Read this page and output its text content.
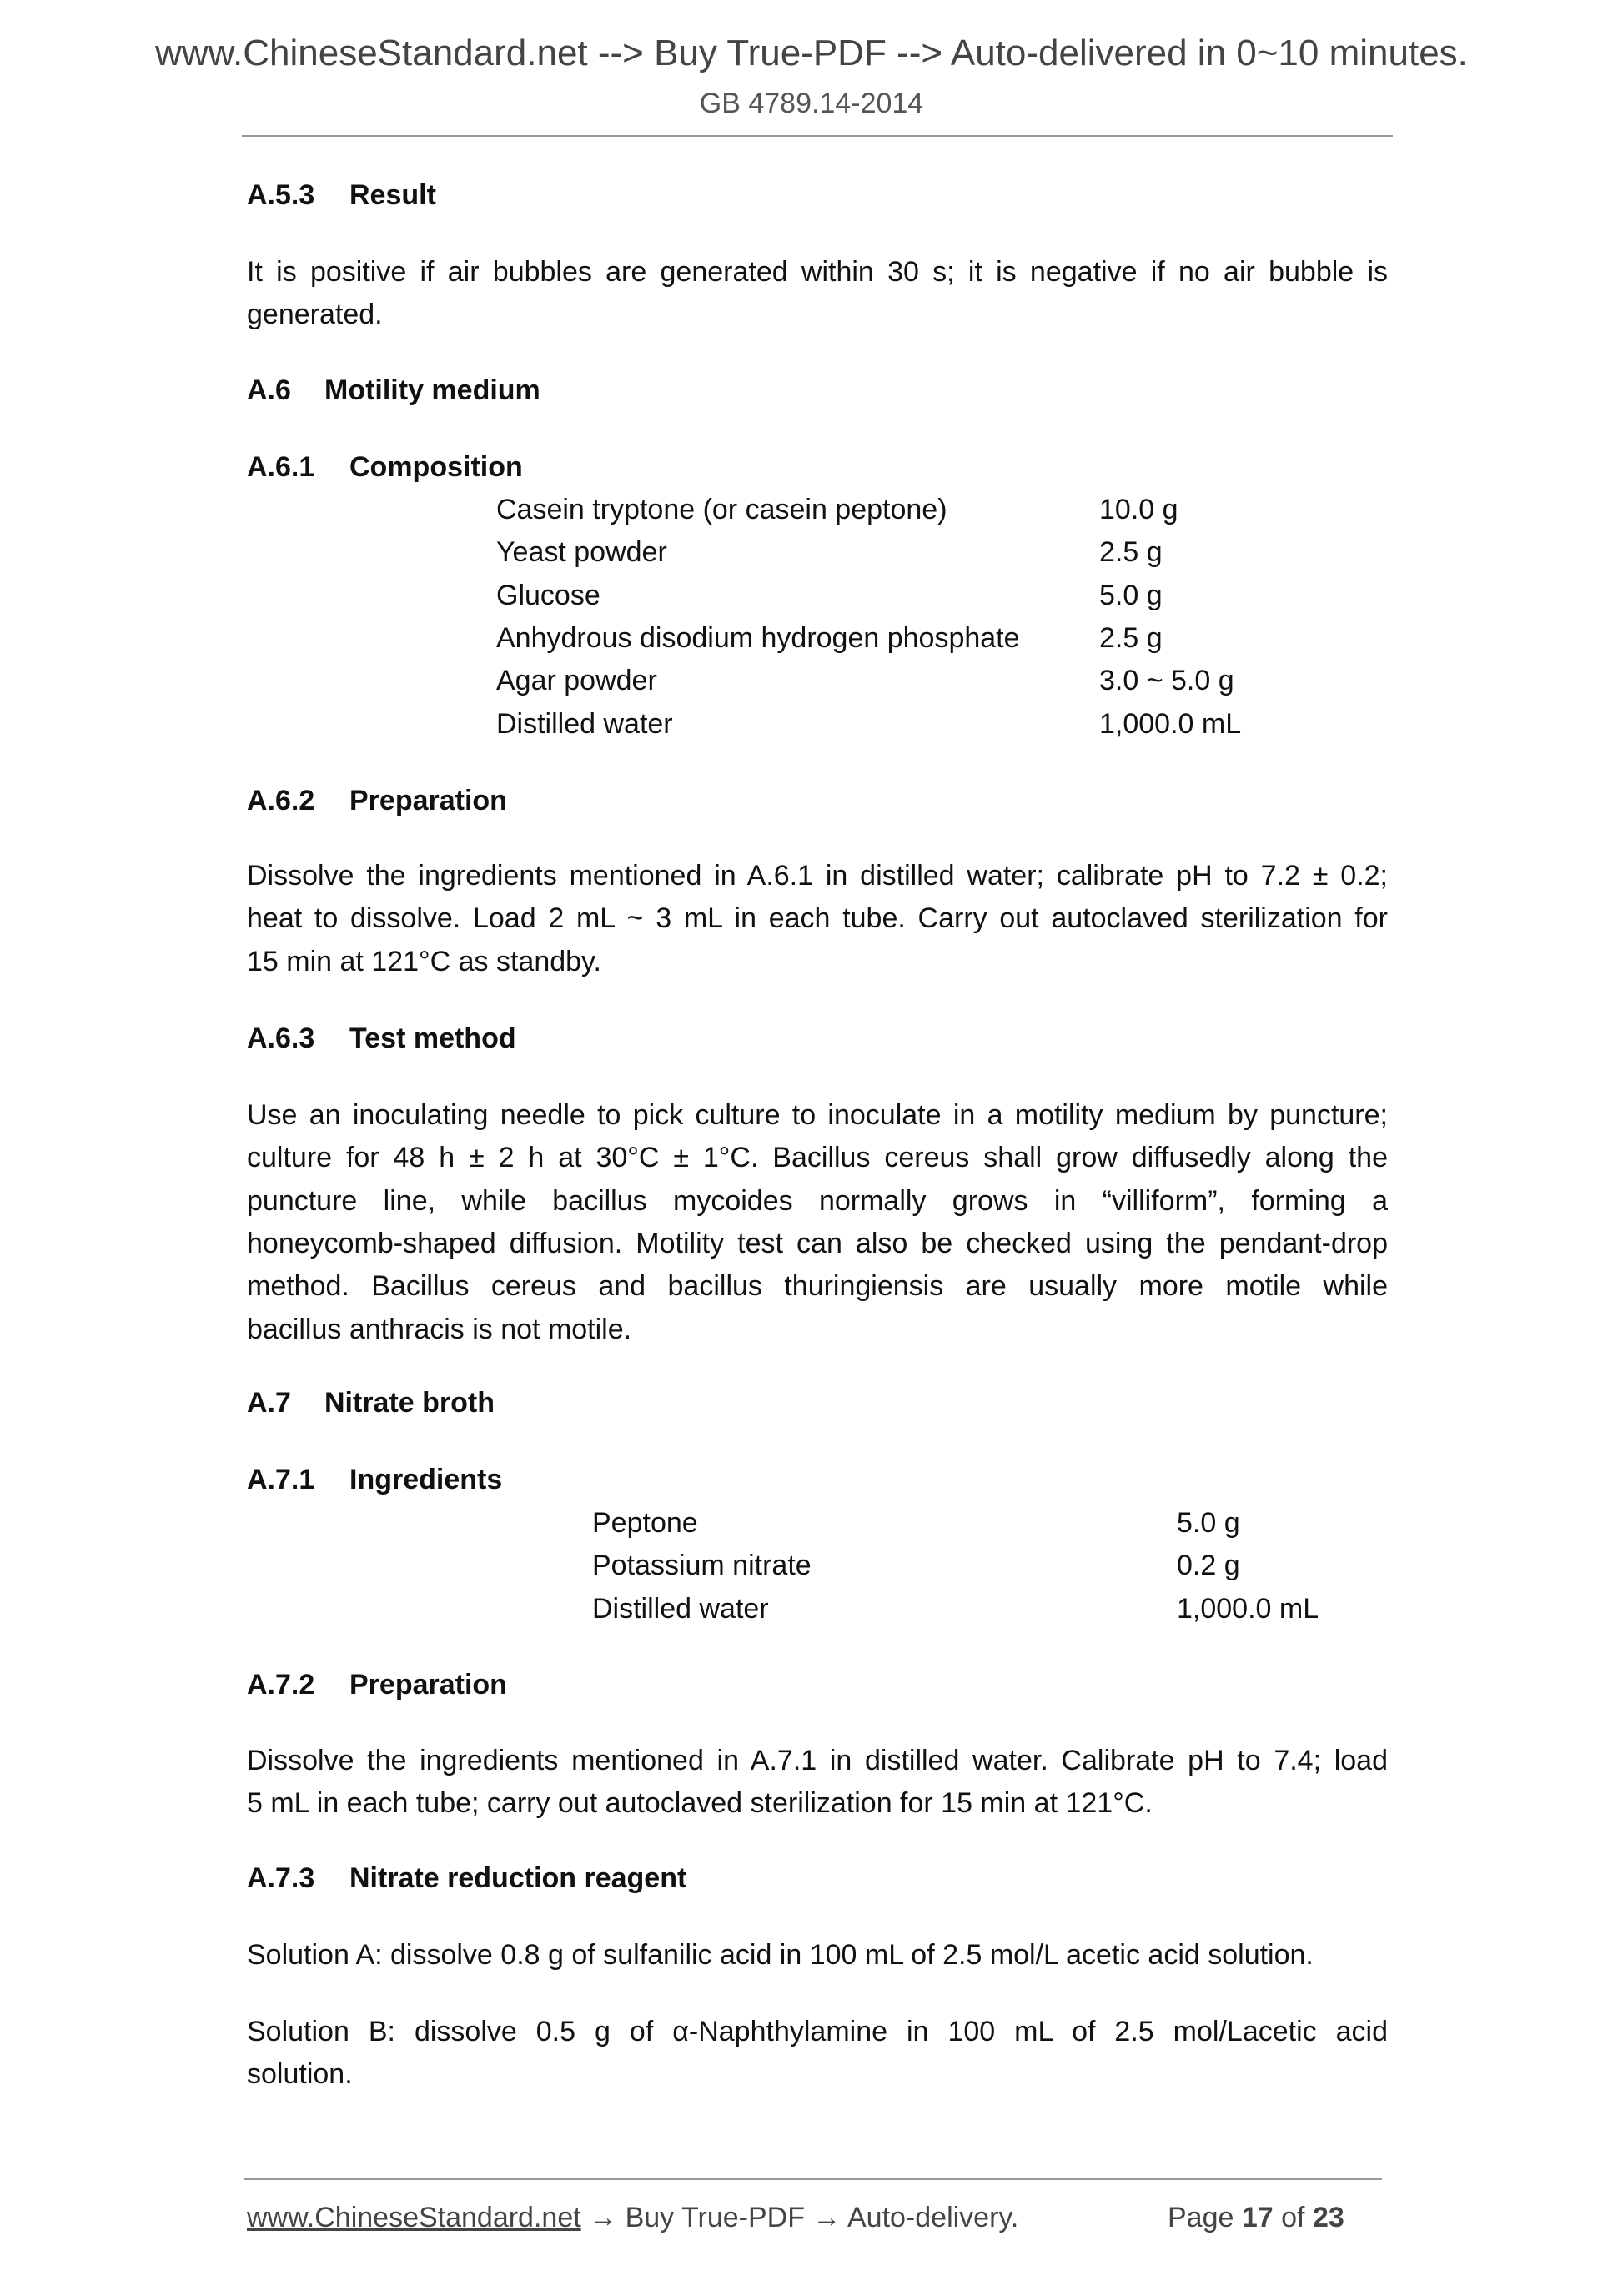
www.ChineseStandard.net --> Buy True-PDF --> Auto-delivered in 0~10 minutes.
GB 4789.14-2014
A.5.3 Result
It is positive if air bubbles are generated within 30 s; it is negative if no air bubble is
generated.
A.6 Motility medium
A.6.1 Composition
Casein tryptone (or casein peptone)	10.0 g
Yeast powder	2.5 g
Glucose	5.0 g
Anhydrous disodium hydrogen phosphate	2.5 g
Agar powder	3.0 ~ 5.0 g
Distilled water	1,000.0 mL
A.6.2 Preparation
Dissolve the ingredients mentioned in A.6.1 in distilled water; calibrate pH to 7.2 ± 0.2;
heat to dissolve. Load 2 mL ~ 3 mL in each tube. Carry out autoclaved sterilization for
15 min at 121°C as standby.
A.6.3 Test method
Use an inoculating needle to pick culture to inoculate in a motility medium by puncture;
culture for 48 h ± 2 h at 30°C ± 1°C. Bacillus cereus shall grow diffusedly along the
puncture line, while bacillus mycoides normally grows in “villiform”, forming a
honeycomb-shaped diffusion. Motility test can also be checked using the pendant-drop
method. Bacillus cereus and bacillus thuringiensis are usually more motile while
bacillus anthracis is not motile.
A.7 Nitrate broth
A.7.1 Ingredients
Peptone	5.0 g
Potassium nitrate	0.2 g
Distilled water	1,000.0 mL
A.7.2 Preparation
Dissolve the ingredients mentioned in A.7.1 in distilled water. Calibrate pH to 7.4; load
5 mL in each tube; carry out autoclaved sterilization for 15 min at 121°C.
A.7.3 Nitrate reduction reagent
Solution A: dissolve 0.8 g of sulfanilic acid in 100 mL of 2.5 mol/L acetic acid solution.
Solution B: dissolve 0.5 g of α-Naphthylamine in 100 mL of 2.5 mol/Lacetic acid
solution.
www.ChineseStandard.net → Buy True-PDF → Auto-delivery.	Page 17 of 23
